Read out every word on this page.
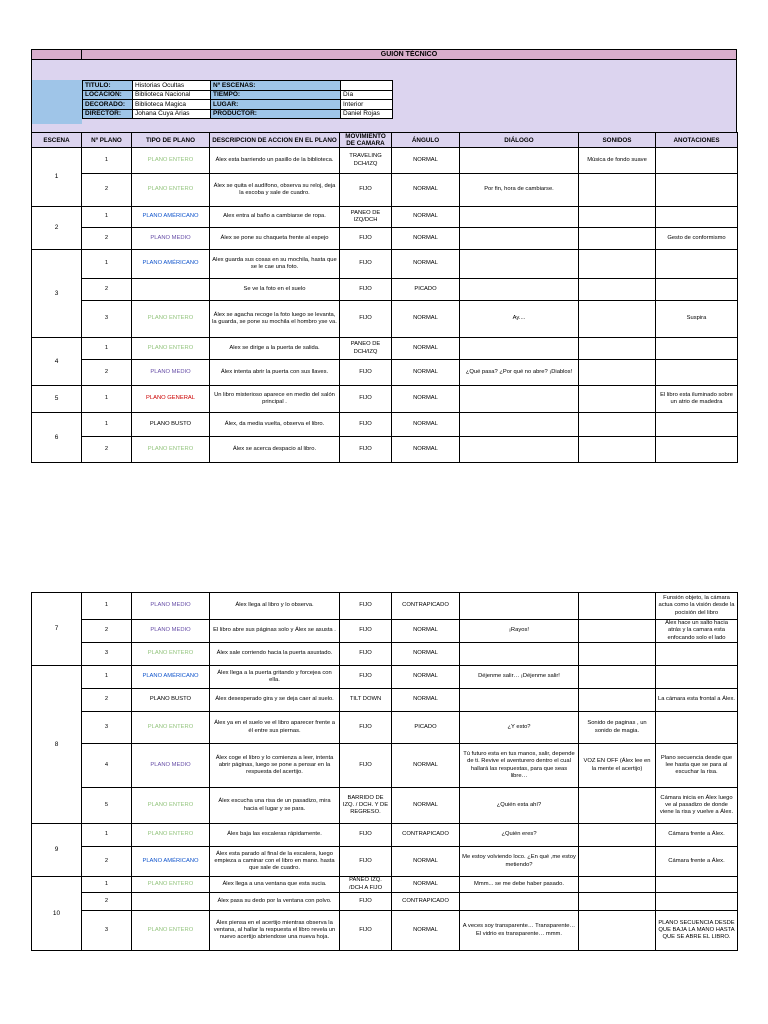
GUIÓN TÉCNICO
TITULO:	Historias Ocultas	Nº ESCENAS:	
LOCACIÓN:	Biblioteca Nacional	TIEMPO:	Día
DECORADO:	Biblioteca Magica	LUGAR:	Interior
DIRECTOR:	Johana Cuya Arias	PRODUCTOR:	Daniel Rojas
ESCENA	Nº PLANO	TIPO DE PLANO	DESCRIPCION DE ACCION EN EL PLANO	MOVIMIENTO DE CAMARA	ÁNGULO	DIÁLOGO	SONIDOS	ANOTACIONES
1	1	PLANO ENTERO	Álex esta barriendo un pasillo de la biblioteca.	TRAVELING DCH/IZQ	NORMAL		Música de fondo suave	
	2	PLANO ENTERO	Álex se quita el audífono, observa su reloj, deja la escoba y sale de cuadro.	FIJO	NORMAL	Por fin, hora de cambiarse.		
2	1	PLANO AMÉRICANO	Alex entra al baño a cambiarse de ropa.	PANEO DE IZQ/DCH	NORMAL			
	2	PLANO MEDIO	Álex se pone su chaqueta frente al espejo	FIJO	NORMAL			Gesto de conformismo
3	1	PLANO AMÉRICANO	Alex guarda sus cosas en su mochila, hasta que se le cae una foto.	FIJO	NORMAL			
	2		Se ve la foto en el suelo	FIJO	PICADO			
	3	PLANO ENTERO	Álex se agacha recoge la foto luego se levanta, la guarda, se pone su mochila el hombro yse va.	FIJO	NORMAL	Ay....		Suspira
4	1	PLANO ENTERO	Alex se dirige a la puerta de salida.	PANEO DE DCH/IZQ	NORMAL			
	2	PLANO MEDIO	Álex intenta abrir la puerta con sus llaves.	FIJO	NORMAL	¿Qué pasa? ¿Por qué no abre? ¡Diablos!		
5	1	PLANO GENERAL	Un libro misterioso aparece en medio del salón principal .	FIJO	NORMAL			El libro esta iluminado sobre un atrio de madedra
6	1	PLANO BUSTO	Álex, da media vuelta, observa el libro.	FIJO	NORMAL			
	2	PLANO ENTERO	Álex se acerca despacio al libro.	FIJO	NORMAL			
7	1	PLANO MEDIO	Álex llega al libro y lo observa.	FIJO	CONTRAPICADO			Funsión objeto, la cámara actua como la visión desde la pocisión del libro
	2	PLANO MEDIO	El libro abre sus páginas solo y Álex se asusta .	FIJO	NORMAL	¡Rayos!		Alex hace un salto hacia atrás y la camara esta enfocando solo el lado
	3	PLANO ENTERO	Álex sale corriendo hacia la puerta asustado.	FIJO	NORMAL			
8	1	PLANO AMÉRICANO	Álex llega a la puerta gritando y forcejea con ella.	FIJO	NORMAL	Déjenme salir… ¡Déjenme salir!		
	2	PLANO BUSTO	Álex desesperado gira y se deja caer al suelo.	TILT DOWN	NORMAL			La cámara esta frontal a Álex.
	3	PLANO ENTERO	Álex ya en el suelo ve el libro aparecer frente a él entre sus piernas.	FIJO	PICADO	¿Y esto?	Sonido de paginas , un sonido de magia.	
	4	PLANO MEDIO	Álex coge el libro y lo comienza a leer, intenta abrir páginas, luego se pone a pensar en la respuesta del acertijo.	FIJO	NORMAL	Tú futuro esta en tus manos, salir, depende de ti. Revive el aventurero dentro el cual hallará las respuestas, para que seas libre…	VOZ EN OFF (Álex lee en la mente el acertijo)	Plano secuencia desde que lee hasta que se para al escuchar la risa.
	5	PLANO ENTERO	Álex escucha una risa de un pasadizo, mira hacia el lugar y se para.	BARRIDO DE IZQ. / DCH. Y DE REGRESO.	NORMAL	¿Quién esta ahí?		Cámara inicia en Álex luego ve al pasadizo de donde viene la risa y vuelve a Álex.
9	1	PLANO ENTERO	Álex baja las escaleras rápidamente.	FIJO	CONTRAPICADO	¿Quién eres?		Cámara frente a Álex.
	2	PLANO AMÉRICANO	Álex esta parado al final de la escalera, luego empieza a caminar con el libro en mano. hasta que sale de cuadro.	FIJO	NORMAL	Me estoy volviendo loco. ¿En qué ,me estoy metiendo?		Cámara frente a Álex.
10	1	PLANO ENTERO	Álex llega a una ventana que esta sucia.	PANEO IZQ. /DCH A FIJO	NORMAL	Mmm... se me debe haber pasado.		
	2		Álex pasa su dedo por la ventana con polvo.	FIJO	CONTRAPICADO			
	3	PLANO ENTERO	Álex piensa en el acertijo mientras observa la ventana, al hallar la respuesta el libro revela un nuevo acertijo abriendose una nueva hoja.	FIJO	NORMAL	A veces soy transparente… Transparente… El vidrio es transparente… mmm.		PLANO SECUENCIA DESDE QUE BAJA LA MANO HASTA QUE SE ABRE EL LIBRO.
